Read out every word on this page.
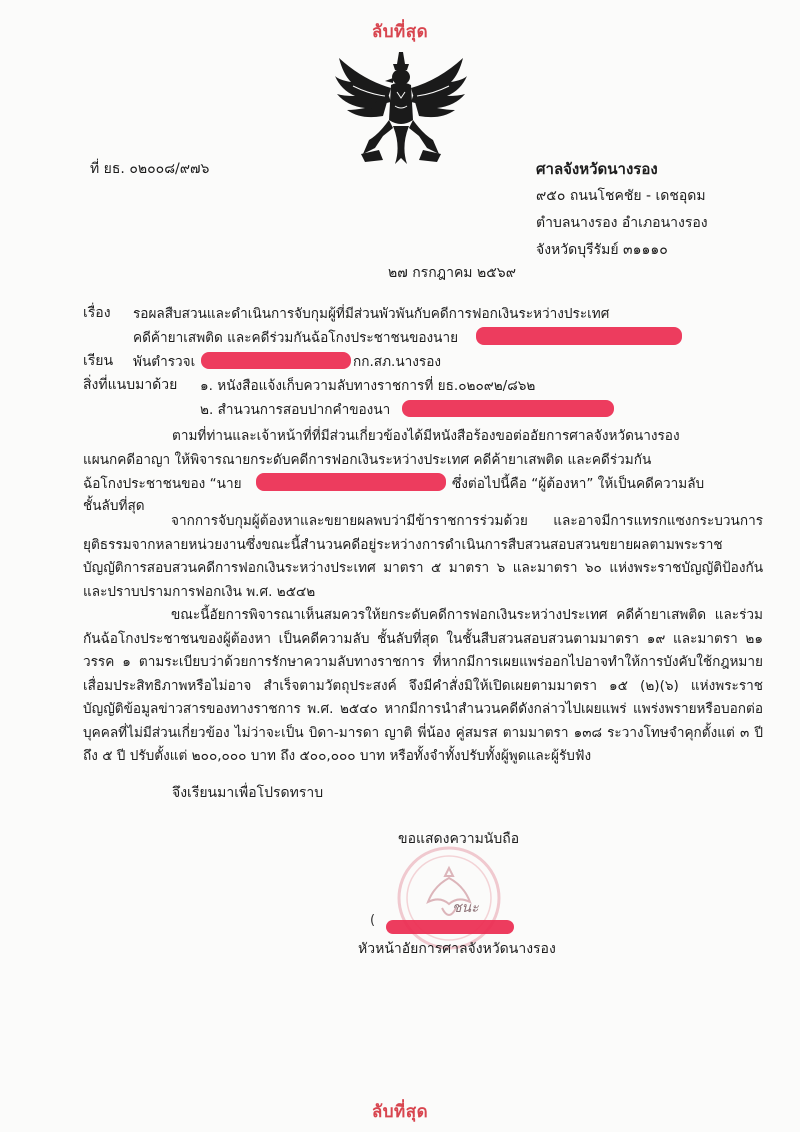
ลับที่สุด
ที่ ยธ. ๐๒๐๐๘/๙๗๖	ศาลจังหวัดนางรอง
๙๕๐ ถนนโชคชัย - เดชอุดม
ตำบลนางรอง อำเภอนางรอง
จังหวัดบุรีรัมย์ ๓๑๑๑๐
๒๗ กรกฎาคม ๒๕๖๙
เรื่อง รอผลสืบสวนและดำเนินการจับกุมผู้ที่มีส่วนพัวพันกับคดีการฟอกเงินระหว่างประเทศ
คดีค้ายาเสพติด และคดีร่วมกันฉ้อโกงประชาชนของนาย
เรียน พันตำรวจเ	กก.สภ.นางรอง
สิ่งที่แนบมาด้วย ๑. หนังสือแจ้งเก็บความลับทางราชการที่ ยธ.๐๒๐๙๒/๘๖๒
๒. สำนวนการสอบปากคำของนา
ตามที่ท่านและเจ้าหน้าที่ที่มีส่วนเกี่ยวข้องได้มีหนังสือร้องขอต่ออัยการศาลจังหวัดนางรอง
แผนกคดีอาญา ให้พิจารณายกระดับคดีการฟอกเงินระหว่างประเทศ คดีค้ายาเสพติด และคดีร่วมกัน
ฉ้อโกงประชาชนของ “นาย	ซึ่งต่อไปนี้คือ “ผู้ต้องหา” ให้เป็นคดีความลับ
ชั้นลับที่สุด
จากการจับกุมผู้ต้องหาและขยายผลพบว่ามีข้าราชการร่วมด้วย และอาจมีการแทรกแซงกระบวนการยุติธรรมจากหลายหน่วยงานซึ่งขณะนี้สำนวนคดีอยู่ระหว่างการดำเนินการสืบสวนสอบสวนขยายผลตามพระราชบัญญัติการสอบสวนคดีการฟอกเงินระหว่างประเทศ มาตรา ๕ มาตรา ๖ และมาตรา ๖๐ แห่งพระราชบัญญัติป้องกันและปราบปรามการฟอกเงิน พ.ศ. ๒๕๔๒
ขณะนี้อัยการพิจารณาเห็นสมควรให้ยกระดับคดีการฟอกเงินระหว่างประเทศ คดีค้ายาเสพติด และร่วมกันฉ้อโกงประชาชนของผู้ต้องหา เป็นคดีความลับ ชั้นลับที่สุด ในชั้นสืบสวนสอบสวนตามมาตรา ๑๙ และมาตรา ๒๑ วรรค ๑ ตามระเบียบว่าด้วยการรักษาความลับทางราชการ ที่หากมีการเผยแพร่ออกไปอาจทำให้การบังคับใช้กฎหมายเสื่อมประสิทธิภาพหรือไม่อาจ สำเร็จตามวัตถุประสงค์ จึงมีคำสั่งมิให้เปิดเผยตามมาตรา ๑๕ (๒)(๖) แห่งพระราชบัญญัติข้อมูลข่าวสารของทางราชการ พ.ศ. ๒๕๔๐ หากมีการนำสำนวนคดีดังกล่าวไปเผยแพร่ แพร่งพรายหรือบอกต่อบุคคลที่ไม่มีส่วนเกี่ยวข้อง ไม่ว่าจะเป็น บิดา-มารดา ญาติ พี่น้อง คู่สมรส ตามมาตรา ๑๓๘ ระวางโทษจำคุกตั้งแต่ ๓ ปี ถึง ๕ ปี ปรับตั้งแต่ ๒๐๐,๐๐๐ บาท ถึง ๕๐๐,๐๐๐ บาท หรือทั้งจำทั้งปรับทั้งผู้พูดและผู้รับฟัง
จึงเรียนมาเพื่อโปรดทราบ
ขอแสดงความนับถือ
ชนะ
(
หัวหน้าอัยการศาลจังหวัดนางรอง
ลับที่สุด
